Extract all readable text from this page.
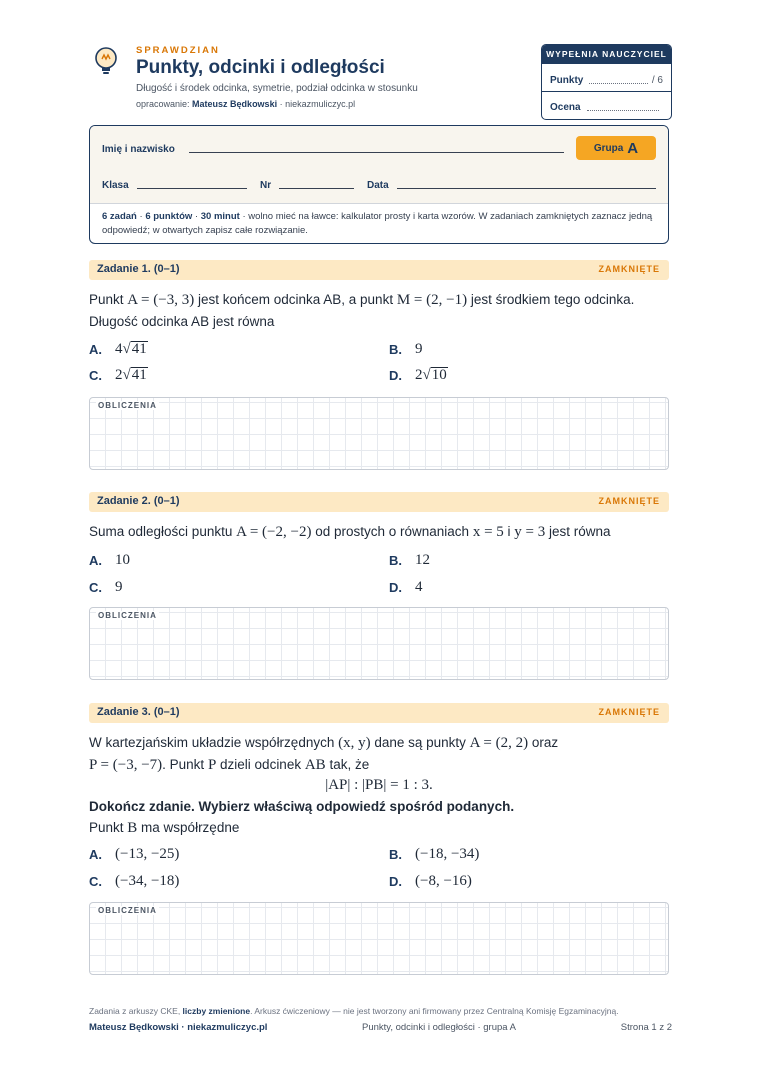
SPRAWDZIAN
Punkty, odcinki i odległości
Długość i środek odcinka, symetrie, podział odcinka w stosunku
opracowanie: Mateusz Będkowski · niekazmuliczyc.pl
WYPEŁNIA NAUCZYCIEL
Punkty	/ 6
Ocena
Imię i nazwisko	Grupa A
Klasa	Nr	Data
6 zadań · 6 punktów · 30 minut · wolno mieć na ławce: kalkulator prosty i karta wzorów. W zadaniach zamkniętych zaznacz jedną odpowiedź; w otwartych zapisz całe rozwiązanie.
Zadanie 1. (0–1)	ZAMKNIĘTE
Punkt A = (−3, 3) jest końcem odcinka AB, a punkt M = (2, −1) jest środkiem tego odcinka. Długość odcinka AB jest równa
A. 4√41	B. 9
C. 2√41	D. 2√10
OBLICZENIA
Zadanie 2. (0–1)	ZAMKNIĘTE
Suma odległości punktu A = (−2, −2) od prostych o równaniach x = 5 i y = 3 jest równa
A. 10	B. 12
C. 9	D. 4
OBLICZENIA
Zadanie 3. (0–1)	ZAMKNIĘTE
W kartezjańskim układzie współrzędnych (x, y) dane są punkty A = (2, 2) oraz
P = (−3, −7). Punkt P dzieli odcinek AB tak, że
|AP| : |PB| = 1 : 3.
Dokończ zdanie. Wybierz właściwą odpowiedź spośród podanych.
Punkt B ma współrzędne
A. (−13, −25)	B. (−18, −34)
C. (−34, −18)	D. (−8, −16)
OBLICZENIA
Zadania z arkuszy CKE, liczby zmienione. Arkusz ćwiczeniowy — nie jest tworzony ani firmowany przez Centralną Komisję Egzaminacyjną.
Mateusz Będkowski · niekazmuliczyc.pl	Punkty, odcinki i odległości · grupa A	Strona 1 z 2
